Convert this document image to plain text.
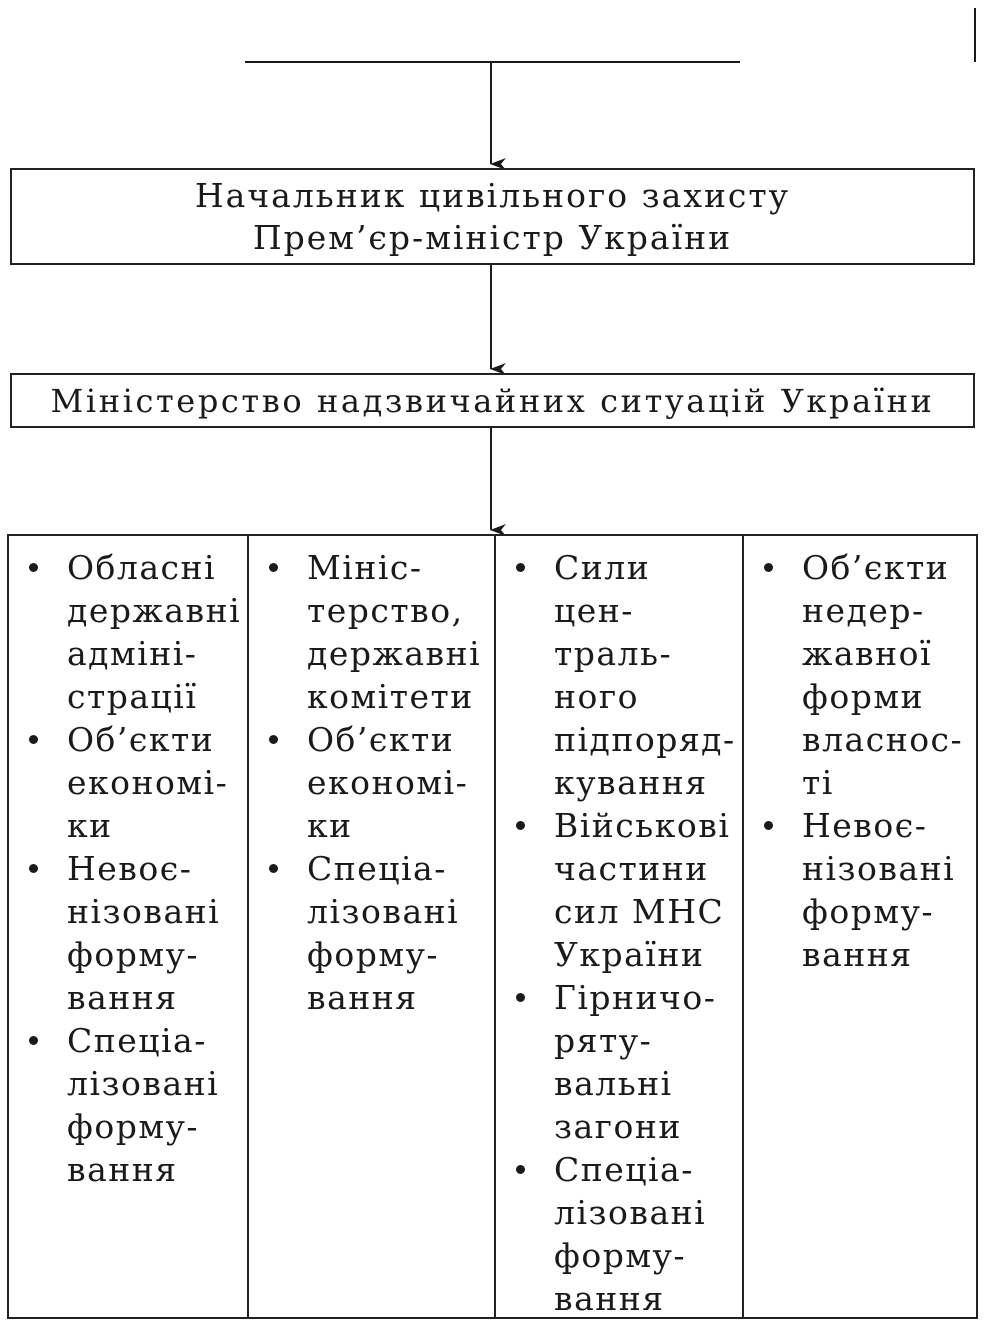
Начальник цивільного захисту
Прем’єр-міністр України
Міністерство надзвичайних ситуацій України
Обласні
державні
адміні-
страції
Об’єкти
економі-
ки
Невоє-
нізовані
форму-
вання
Спеціа-
лізовані
форму-
вання
Мініс-
терство,
державні
комітети
Об’єкти
економі-
ки
Спеціа-
лізовані
форму-
вання
Сили
цен-
траль-
ного
підпоряд-
кування
Військові
частини
сил МНС
України
Гірничо-
ряту-
вальні
загони
Спеціа-
лізовані
форму-
вання
Об’єкти
недер-
жавної
форми
власнос-
ті
Невоє-
нізовані
форму-
вання
